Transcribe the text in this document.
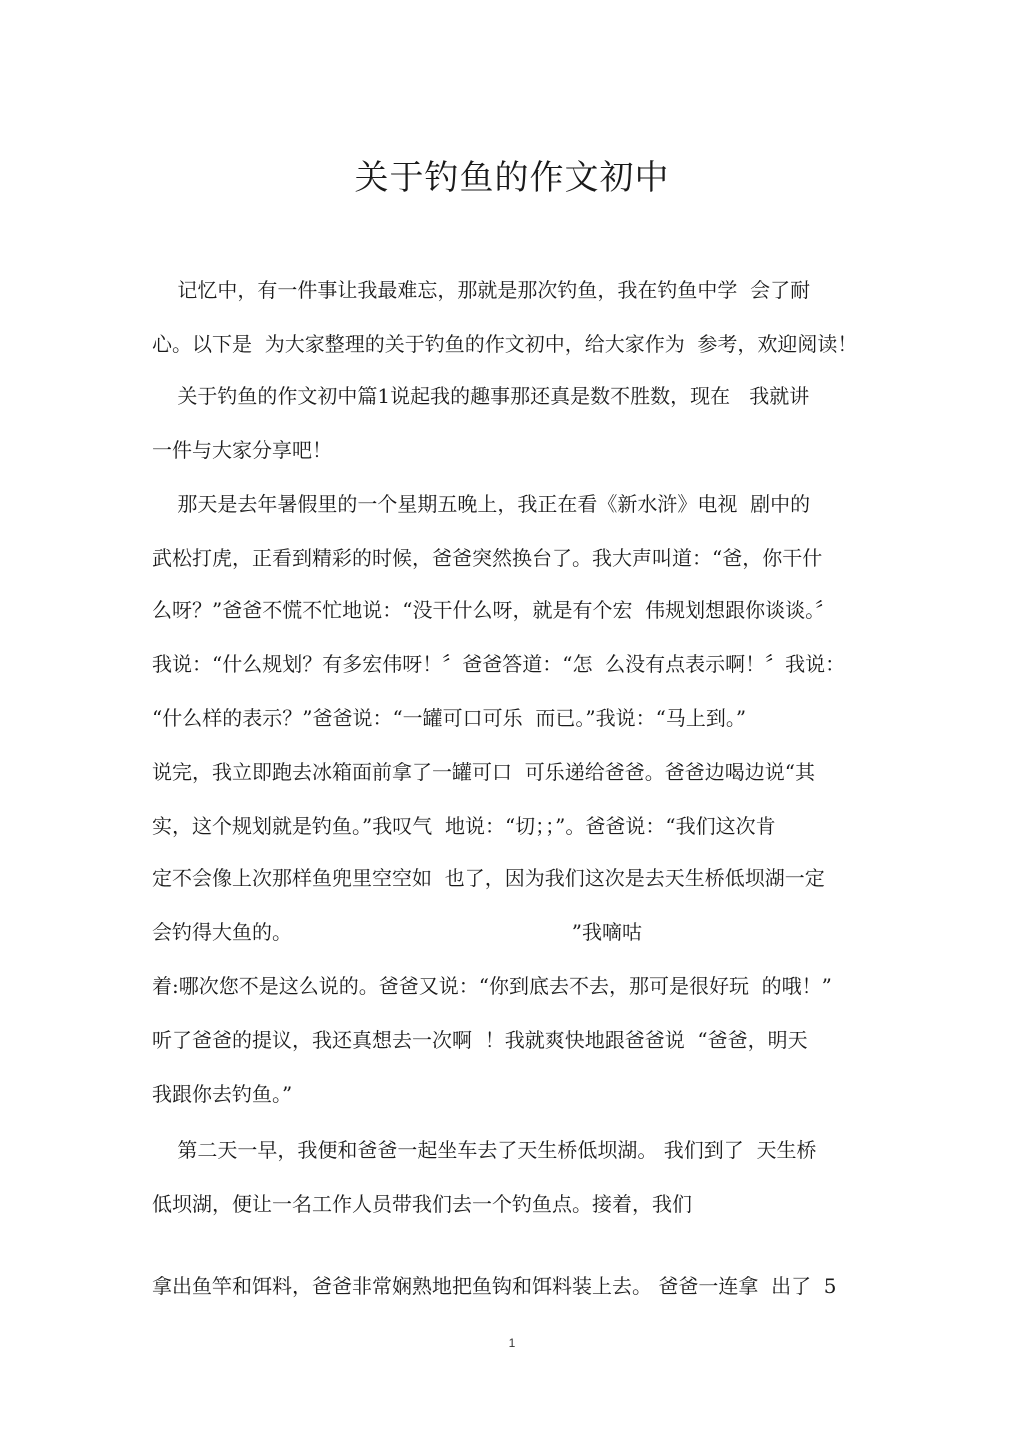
关于钓鱼的作文初中
记忆中，有一件事让我最难忘，那就是那次钓鱼，我在钓鱼中学  会了耐
心。以下是  为大家整理的关于钓鱼的作文初中，给大家作为  参考，欢迎阅读！
关于钓鱼的作文初中篇1说起我的趣事那还真是数不胜数，现在   我就讲
一件与大家分享吧！
那天是去年暑假里的一个星期五晚上，我正在看《新水浒》电视  剧中的
武松打虎，正看到精彩的时候，爸爸突然换台了。我大声叫道：“爸，你干什
么呀？”爸爸不慌不忙地说：“没干什么呀，就是有个宏  伟规划想跟你谈谈。〞
我说：“什么规划？有多宏伟呀！〞爸爸答道：“怎  么没有点表示啊！〞我说：
“什么样的表示？”爸爸说：“一罐可口可乐  而已。”我说：“马上到。”
说完，我立即跑去冰箱面前拿了一罐可口  可乐递给爸爸。爸爸边喝边说“其
实，这个规划就是钓鱼。”我叹气  地说：“切；；”。爸爸说：“我们这次肯
定不会像上次那样鱼兜里空空如  也了，因为我们这次是去天生桥低坝湖一定
会钓得大鱼的。                                            ”我嘀咕
着:哪次您不是这么说的。爸爸又说：“你到底去不去，那可是很好玩  的哦！”
听了爸爸的提议，我还真想去一次啊  ！我就爽快地跟爸爸说  “爸爸，明天
我跟你去钓鱼。”
第二天一早，我便和爸爸一起坐车去了天生桥低坝湖。 我们到了  天生桥
低坝湖，便让一名工作人员带我们去一个钓鱼点。接着，我们
拿出鱼竿和饵料，爸爸非常娴熟地把鱼钩和饵料装上去。 爸爸一连拿  出了  5
1
